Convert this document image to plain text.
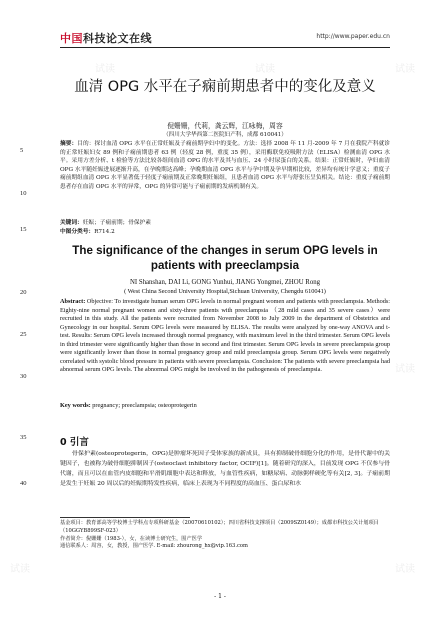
试读	试读	试读
试读
试读
试读
中国科技论文在线	http://www.paper.edu.cn
血清 OPG 水平在子痫前期患者中的变化及意义
倪姗姗，代莉，龚云辉，江咏梅，周容
（四川大学华西第二医院妇产科，成都 610041）
摘要：目的：探讨血清 OPG 水平在正常妊娠及子痫前期孕妇中的变化。方法：选择 2008 年 11 月-2009 年 7 月在我院产科就诊的正常妊娠妇女 89 例和子痫前期患者 63 例（轻度 28 例，重度 35 例），采用酶联免疫吸附方法（ELISA）检测血清 OPG 水平。采用方差分析、t 检验等方法比较各组间血清 OPG 的水平及其与血压、24 小时尿蛋白的关系。结果：正常妊娠时，孕妇血清 OPG 水平随妊娠进展逐渐升高，在孕晚期达高峰；孕晚期血清 OPG 水平与孕中期及孕早期相比较，差异均有统计学意义；重度子痫前期组血清 OPG 水平显著低于轻度子痫前期及正常晚期妊娠组，且患者血清 OPG 水平与舒张压呈负相关。结论：重度子痫前期患者存在血清 OPG 水平的异常，OPG 的异常可能与子痫前期的发病机制有关。
关键词：妊娠；子痫前期；骨保护素
中图分类号：R714.2
The significance of the changes in serum OPG levels in patients with preeclampsia
NI Shanshan, DAI Li, GONG Yunhui, JIANG Yongmei, ZHOU Rong
( West China Second University Hospital,Sichuan University, Chengdu 610041)
Abstract: Objective: To investigate human serum OPG levels in normal pregnant women and patients with preeclampsia. Methods: Eighty-nine normal pregnant women and sixty-three patients with preeclampsia （28 mild cases and 35 severe cases）were recruited in this study. All the patients were recruited from November 2008 to July 2009 in the department of Obstetrics and Gynecology in our hospital. Serum OPG levels were measured by ELISA. The results were analyzed by one-way ANOVA and t-test. Results: Serum OPG levels increased through normal pregnancy, with maximum level in the third trimester. Serum OPG levels in third trimester were significantly higher than those in second and first trimester. Serum OPG levels in severe preeclampsia group were significantly lower than those in normal pregnancy group and mild preeclampsia group. Serum OPG levels were negatively correlated with systolic blood pressure in patients with severe preeclampsia. Conclusion: The patients with severe preeclampsia had abnormal serum OPG levels. The abnormal OPG might be involved in the pathogenesis of preeclampsia.
Key words: pregnancy; preeclampsia; osteoprotegerin
0 引言
骨保护素(osteoprotegerin，OPG)是肿瘤坏死因子受体家族的新成员，具有抑制破骨细胞分化的作用，是骨代谢中的关键因子，也被称为破骨细胞抑制因子(osteoclast inhibitory factor, OCIF)[1]。随着研究的深入，目前发现 OPG 不仅参与骨代谢，而且可以在血管内皮细胞和平滑肌细胞中表达和释放，与血管性疾病，如糖尿病、动脉粥样硬化等有关[2, 3]。子痫前期是发生于妊娠 20 周以后的妊娠期特发性疾病，临床上表现为不同程度的高血压、蛋白尿和水
基金项目：教育部高等学校博士学科点专项科研基金（20070610102）；四川省科技支撑项目（2009SZ0149）；成都市科技公关计划项目（10GGYB899SF-023）
作者简介：倪姗姗（1983-），女，在读博士研究生，围产医学
通信联系人：周容，女，教授，围产医学. E-mail: zhourong_hx@vip.163.com
- 1 -
5
10
15
20
25
30
35
40
